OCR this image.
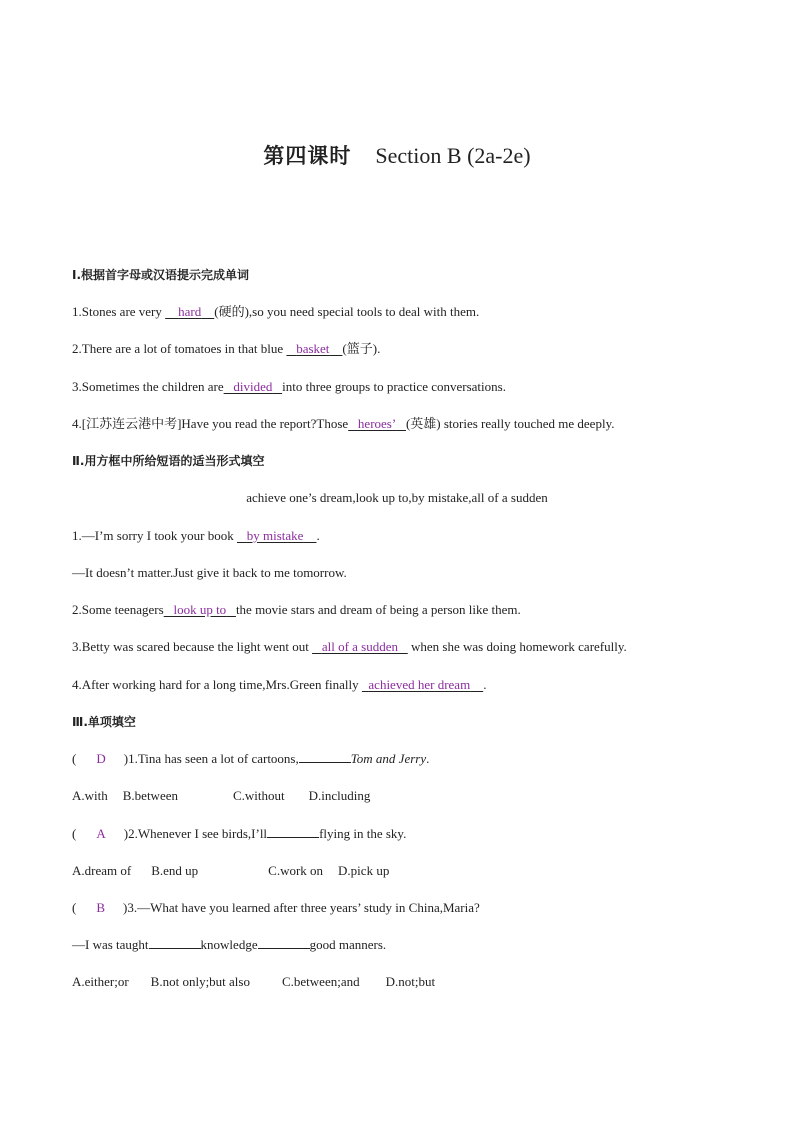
第四课时 Section B (2a-2e)
Ⅰ.根据首字母或汉语提示完成单词
1.Stones are very     hard (硬的),so you need special tools to deal with them.
2.There are a lot of tomatoes in that blue    basket (篮子).
3.Sometimes the children are divided into three groups to practice conversations.
4.[江苏连云港中考]Have you read the report?Those heroes’ (英雄) stories really touched me deeply.
Ⅱ.用方框中所给短语的适当形式填空
achieve one’s dream,look up to,by mistake,all of a sudden
1.—I’m sorry I took your book    by mistake .
—It doesn’t matter.Just give it back to me tomorrow.
2.Some teenagers look up to the movie stars and dream of being a person like them.
3.Betty was scared because the light went out    all of a sudden    when she was doing homework carefully.
4.After working hard for a long time,Mrs.Green finally   achieved her dream .
Ⅲ.单项填空
( D )1.Tina has seen a lot of cartoons,	Tom and Jerry.
A.with B.between	C.without D.including
( A )2.Whenever I see birds,I’ll	flying in the sky.
A.dream of B.end up	C.work on D.pick up
( B )3.—What have you learned after three years’ study in China,Maria?
—I was taught	knowledge	good manners.
A.either;or B.not only;but also C.between;and D.not;but
